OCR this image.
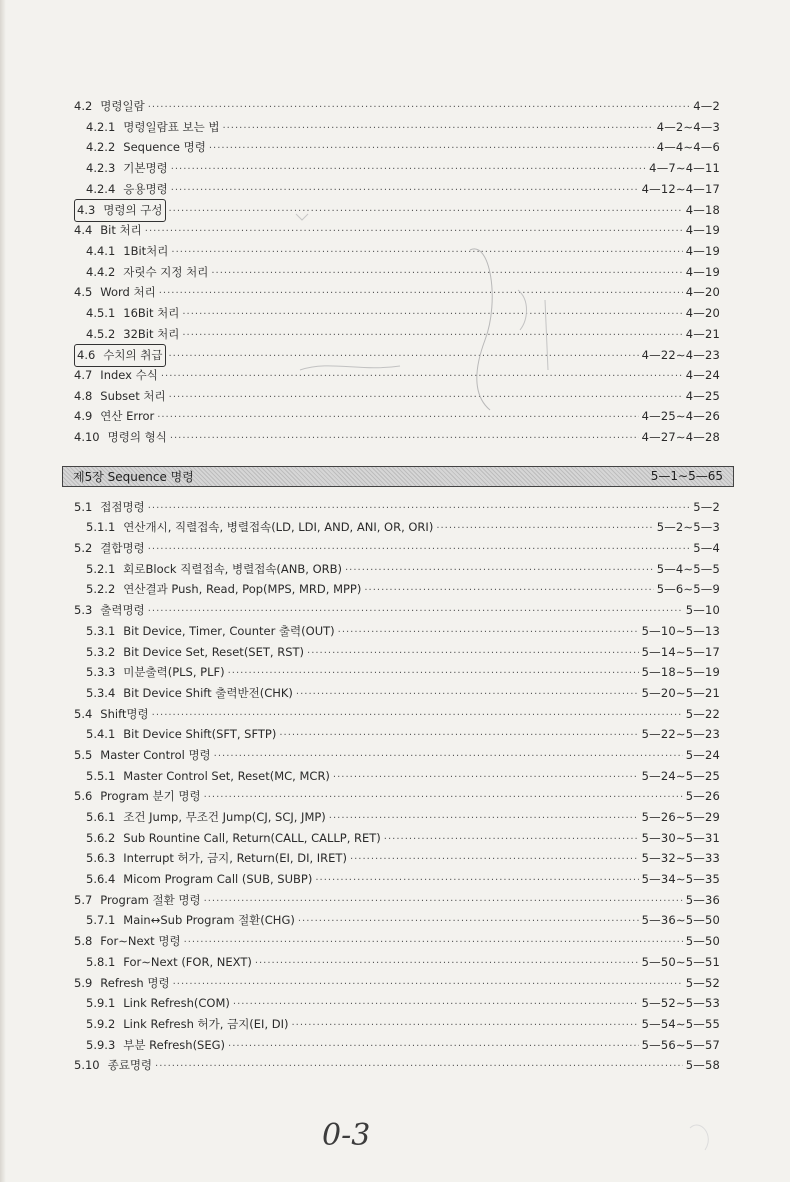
4.2 명령일람 ·····	4—2
4.2.1 명령일람표 보는 법 ·····	4—2∼4—3
4.2.2 Sequence 명령 ·····	4—4∼4—6
4.2.3 기본명령 ·····	4—7∼4—11
4.2.4 응용명령 ·····	4—12∼4—17
4.3 명령의 구성 ·····	4—18
4.4 Bit 처리 ·····	4—19
4.4.1 1Bit처리 ·····	4—19
4.4.2 자릿수 지정 처리 ·····	4—19
4.5 Word 처리 ·····	4—20
4.5.1 16Bit 처리 ·····	4—20
4.5.2 32Bit 처리 ·····	4—21
4.6 수치의 취급 ·····	4—22∼4—23
4.7 Index 수식 ·····	4—24
4.8 Subset 처리 ·····	4—25
4.9 연산 Error ·····	4—25∼4—26
4.10 명령의 형식 ·····	4—27∼4—28
제5장 Sequence 명령	5—1∼5—65
5.1 접점명령 ·····	5—2
5.1.1 연산개시, 직렬접속, 병렬접속(LD, LDI, AND, ANI, OR, ORI) ·····	5—2∼5—3
5.2 결합명령 ·····	5—4
5.2.1 회로Block 직렬접속, 병렬접속(ANB, ORB) ·····	5—4∼5—5
5.2.2 연산결과 Push, Read, Pop(MPS, MRD, MPP) ·····	5—6∼5—9
5.3 출력명령 ·····	5—10
5.3.1 Bit Device, Timer, Counter 출력(OUT) ·····	5—10∼5—13
5.3.2 Bit Device Set, Reset(SET, RST) ·····	5—14∼5—17
5.3.3 미분출력(PLS, PLF) ·····	5—18∼5—19
5.3.4 Bit Device Shift 출력반전(CHK) ·····	5—20∼5—21
5.4 Shift명령 ·····	5—22
5.4.1 Bit Device Shift(SFT, SFTP) ·····	5—22∼5—23
5.5 Master Control 명령 ·····	5—24
5.5.1 Master Control Set, Reset(MC, MCR) ·····	5—24∼5—25
5.6 Program 분기 명령 ·····	5—26
5.6.1 조건 Jump, 무조건 Jump(CJ, SCJ, JMP) ·····	5—26∼5—29
5.6.2 Sub Rountine Call, Return(CALL, CALLP, RET) ·····	5—30∼5—31
5.6.3 Interrupt 허가, 금지, Return(EI, DI, IRET) ·····	5—32∼5—33
5.6.4 Micom Program Call (SUB, SUBP) ·····	5—34∼5—35
5.7 Program 절환 명령 ·····	5—36
5.7.1 Main↔Sub Program 절환(CHG) ·····	5—36∼5—50
5.8 For∼Next 명령 ·····	5—50
5.8.1 For∼Next (FOR, NEXT) ·····	5—50∼5—51
5.9 Refresh 명령 ·····	5—52
5.9.1 Link Refresh(COM) ·····	5—52∼5—53
5.9.2 Link Refresh 허가, 금지(EI, DI) ·····	5—54∼5—55
5.9.3 부분 Refresh(SEG) ·····	5—56∼5—57
5.10 종료명령 ·····	5—58
0-3
